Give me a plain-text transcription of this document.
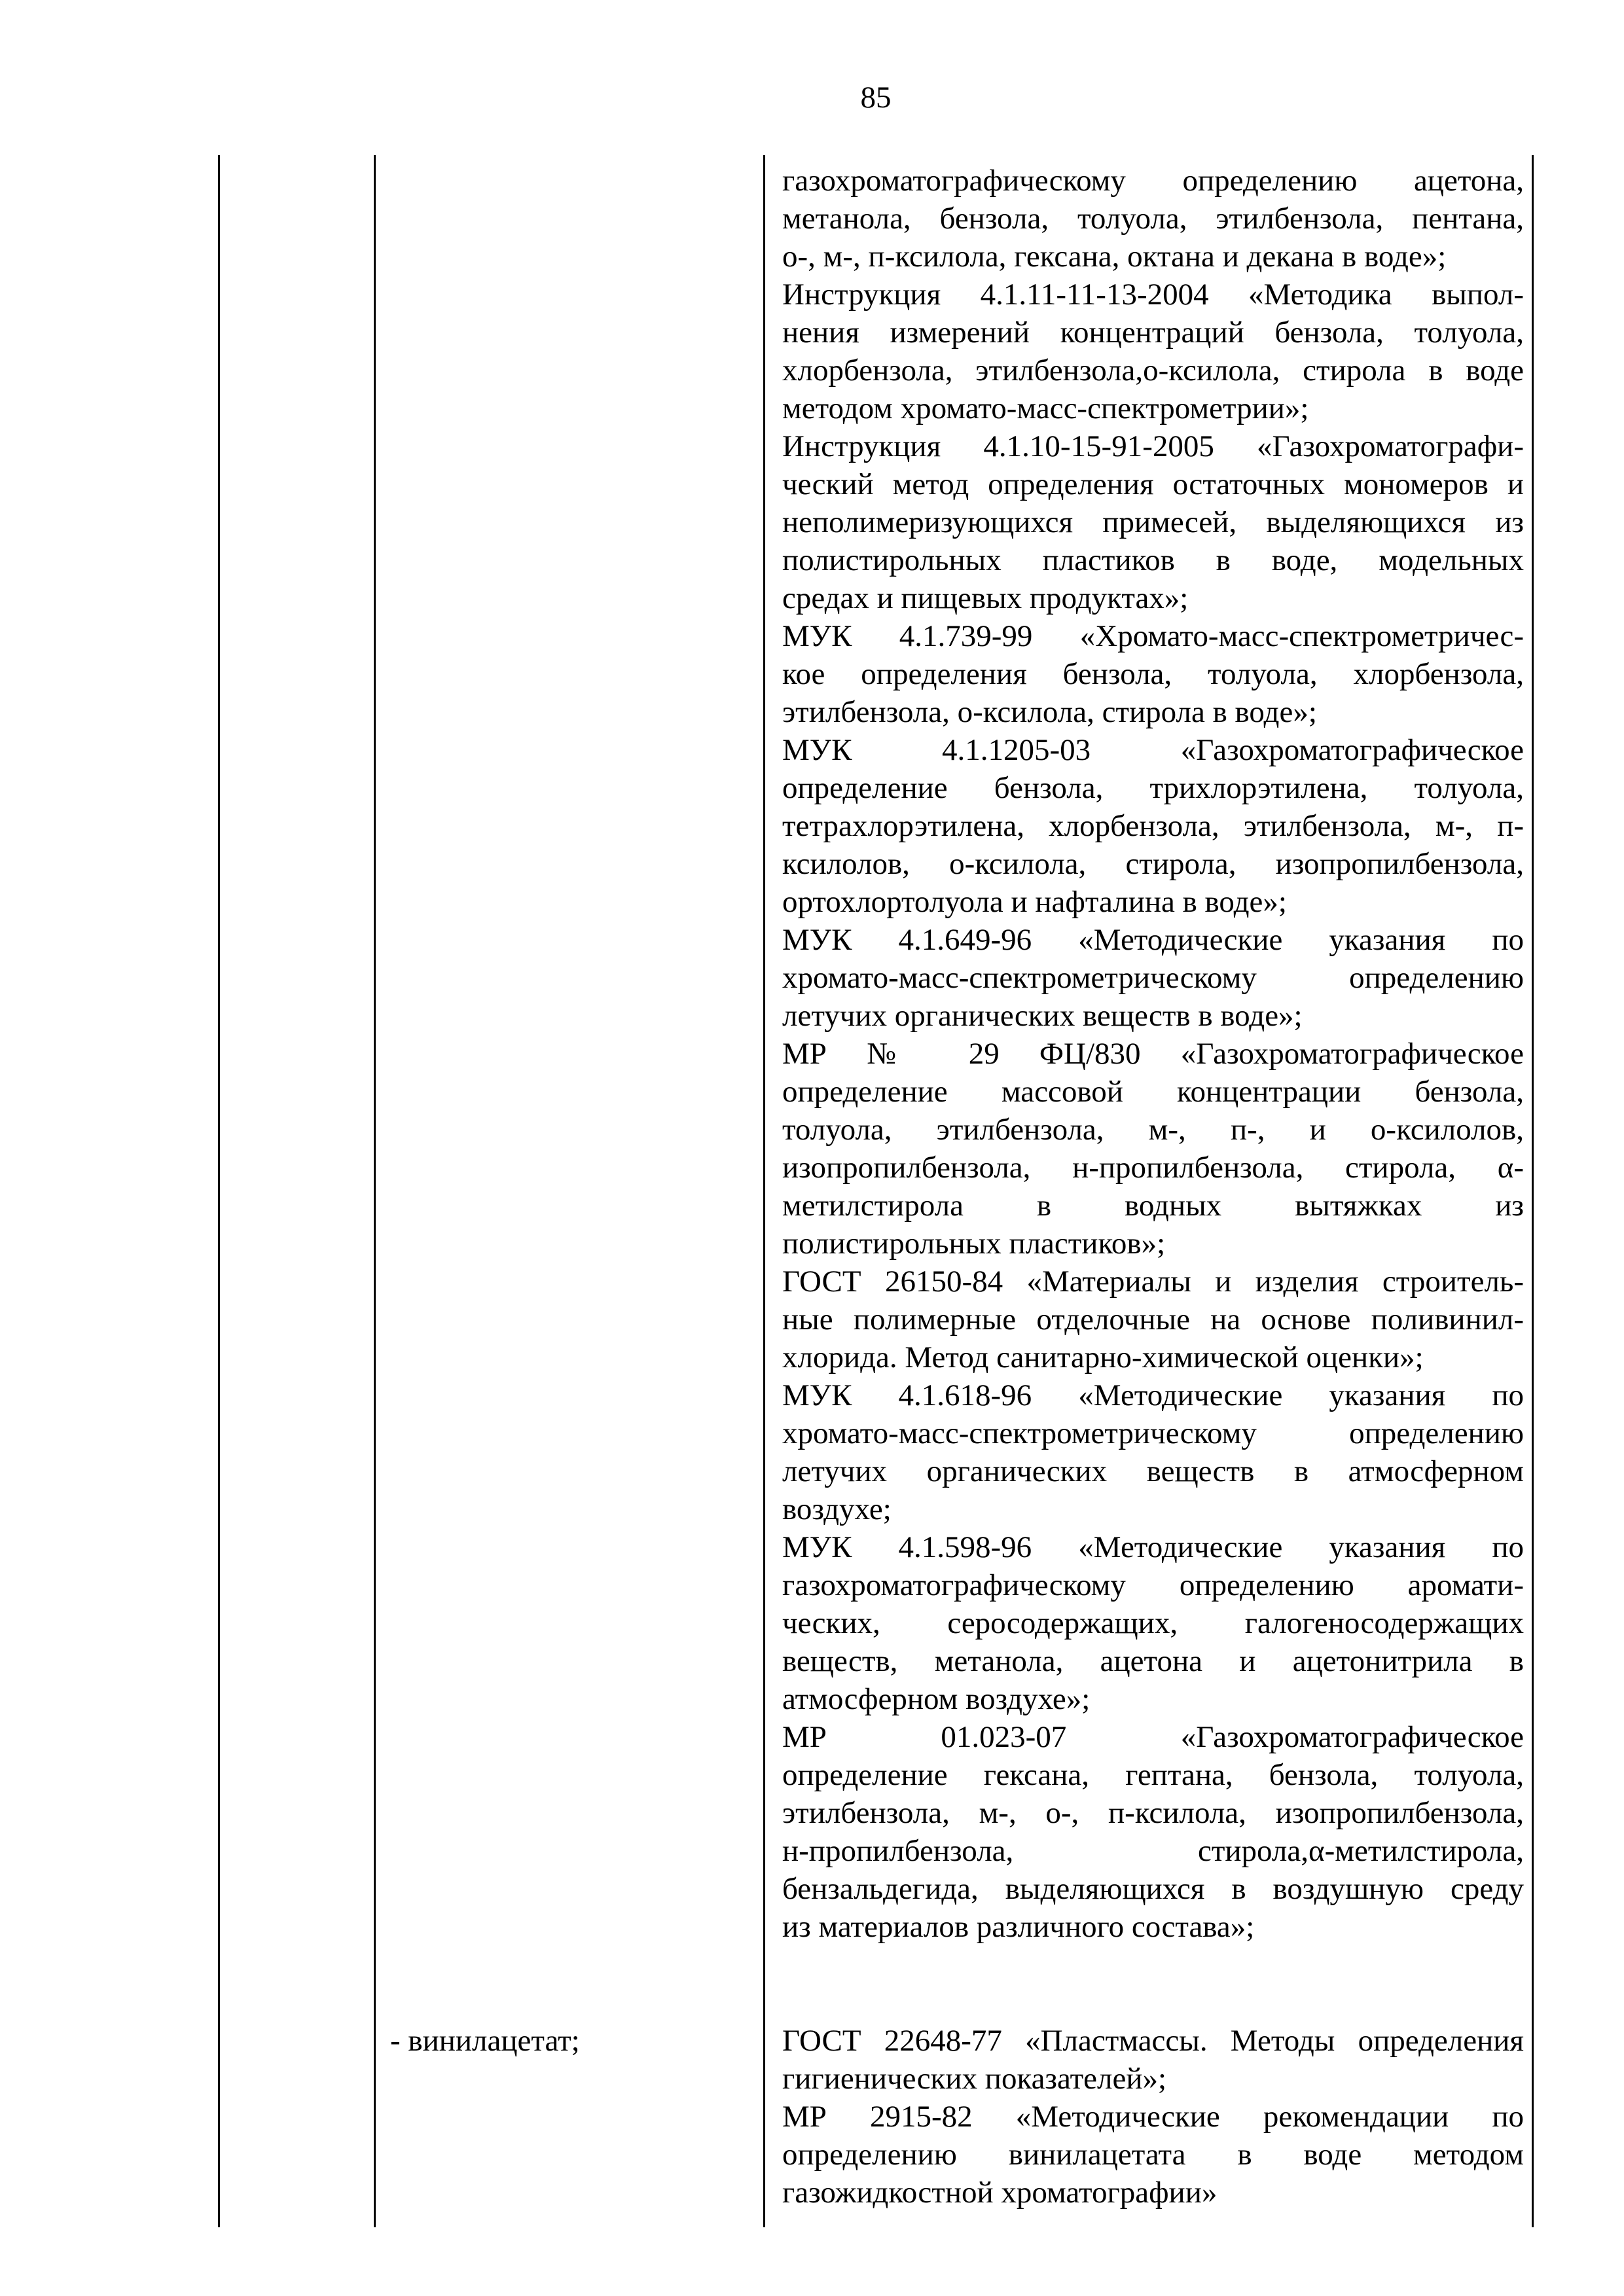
85

газохроматографическому определению ацетона,
метанола, бензола, толуола, этилбензола, пентана,
о-, м-, п-ксилола, гексана, октана и декана в воде»;
Инструкция 4.1.11-11-13-2004 «Методика выпол-
нения измерений концентраций бензола, толуола,
хлорбензола, этилбензола,о-ксилола, стирола в воде
методом хромато-масс-спектрометрии»;
Инструкция 4.1.10-15-91-2005 «Газохроматографи-
ческий метод определения остаточных мономеров и
неполимеризующихся примесей, выделяющихся из
полистирольных пластиков в воде, модельных
средах и пищевых продуктах»;
МУК 4.1.739-99 «Хромато-масс-спектрометричес-
кое определения бензола, толуола, хлорбензола,
этилбензола, о-ксилола, стирола в воде»;
МУК 4.1.1205-03 «Газохроматографическое
определение бензола, трихлорэтилена, толуола,
тетрахлорэтилена, хлорбензола, этилбензола, м-, п-
ксилолов, о-ксилола, стирола, изопропилбензола,
ортохлортолуола и нафталина в воде»;
МУК 4.1.649-96 «Методические указания по
хромато-масс-спектрометрическому определению
летучих органических веществ в воде»;
МР № 29 ФЦ/830 «Газохроматографическое
определение массовой концентрации бензола,
толуола, этилбензола, м-, п-, и о-ксилолов,
изопропилбензола, н-пропилбензола, стирола, α-
метилстирола в водных вытяжках из
полистирольных пластиков»;
ГОСТ 26150-84 «Материалы и изделия строитель-
ные полимерные отделочные на основе поливинил-
хлорида. Метод санитарно-химической оценки»;
МУК 4.1.618-96 «Методические указания по
хромато-масс-спектрометрическому определению
летучих органических веществ в атмосферном
воздухе;
МУК 4.1.598-96 «Методические указания по
газохроматографическому определению аромати-
ческих, серосодержащих, галогеносодержащих
веществ, метанола, ацетона и ацетонитрила в
атмосферном воздухе»;
МР 01.023-07 «Газохроматографическое
определение гексана, гептана, бензола, толуола,
этилбензола, м-, о-, п-ксилола, изопропилбензола,
н-пропилбензола, стирола,α-метилстирола,
бензальдегида, выделяющихся в воздушную среду
из материалов различного состава»;

	- винилацетат;	ГОСТ 22648-77 «Пластмассы. Методы определения
гигиенических показателей»;
МР 2915-82 «Методические рекомендации по
определению винилацетата в воде методом
газожидкостной хроматографии»
